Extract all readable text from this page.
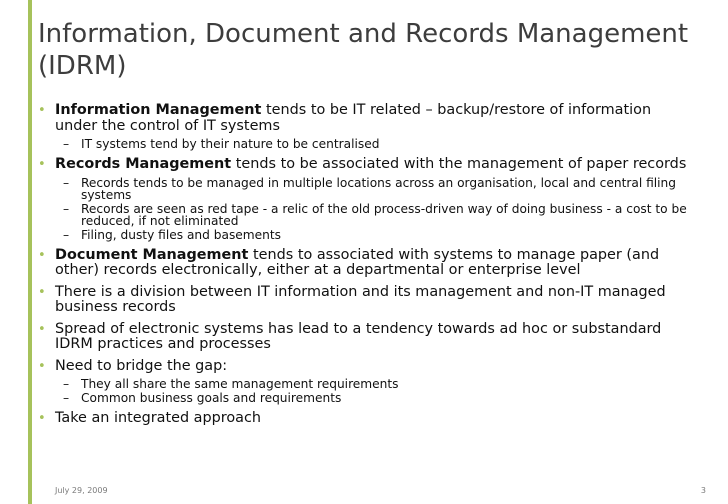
Information, Document and Records Management (IDRM)
• Information Management tends to be IT related – backup/restore of information under the control of IT systems
– IT systems tend by their nature to be centralised
• Records Management tends to be associated with the management of paper records
– Records tends to be managed in multiple locations across an organisation, local and central filing systems
– Records are seen as red tape - a relic of the old process-driven way of doing business - a cost to be reduced, if not eliminated
– Filing, dusty files and basements
• Document Management tends to associated with systems to manage paper (and other) records electronically, either at a departmental or enterprise level
• There is a division between IT information and its management and non-IT managed business records
• Spread of electronic systems has lead to a tendency towards ad hoc or substandard IDRM practices and processes
• Need to bridge the gap:
– They all share the same management requirements
– Common business goals and requirements
• Take an integrated approach
July 29, 2009	3
